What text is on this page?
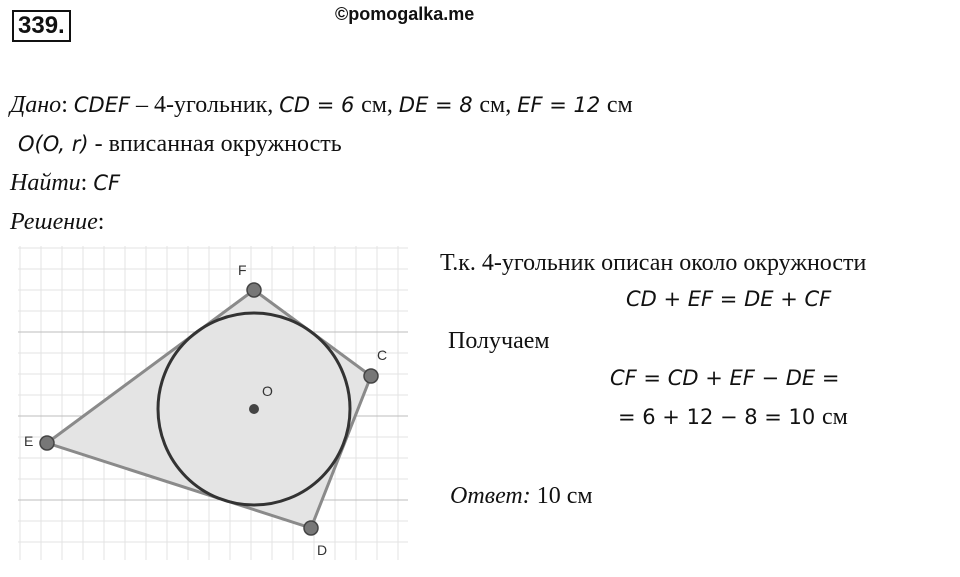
339.	©pomogalka.me
Дано: CDEF – 4-угольник, CD = 6 см, DE = 8 см, EF = 12 см
O(O, r) - вписанная окружность
Найти: CF
Решение:
F
C
D
E
O
Т.к. 4-угольник описан около окружности
CD + EF = DE + CF
Получаем
CF = CD + EF − DE =
= 6 + 12 − 8 = 10 см
Ответ: 10 см
